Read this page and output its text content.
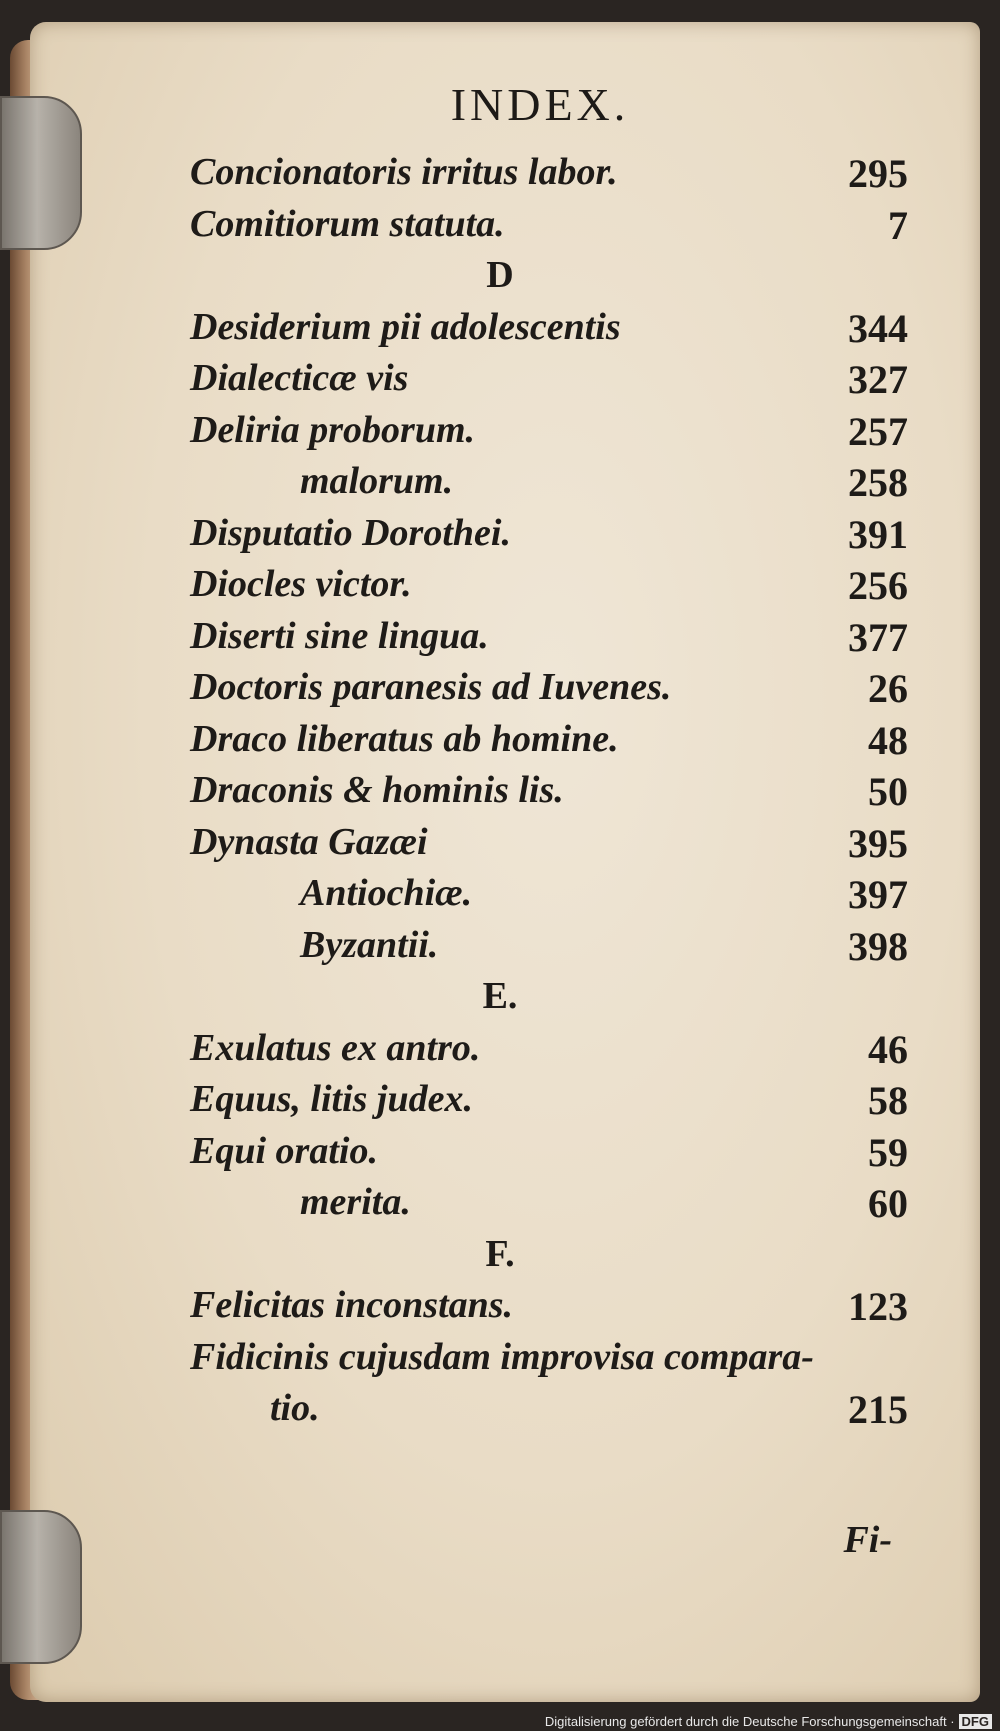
INDEX.
Concionatoris irritus labor.	295
Comitiorum statuta.	7
D
Desiderium pii adolescentis	344
Dialecticæ vis	327
Deliria proborum.	257
malorum.	258
Disputatio Dorothei.	391
Diocles victor.	256
Diserti sine lingua.	377
Doctoris paranesis ad Iuvenes.	26
Draco liberatus ab homine.	48
Draconis & hominis lis.	50
Dynasta Gazæi	395
Antiochiæ.	397
Byzantii.	398
E.
Exulatus ex antro.	46
Equus, litis judex.	58
Equi oratio.	59
merita.	60
F.
Felicitas inconstans.	123
Fidicinis cujusdam improvisa compara-
tio.	215
Fi-
Digitalisierung gefördert durch die Deutsche Forschungsgemeinschaft · DFG
